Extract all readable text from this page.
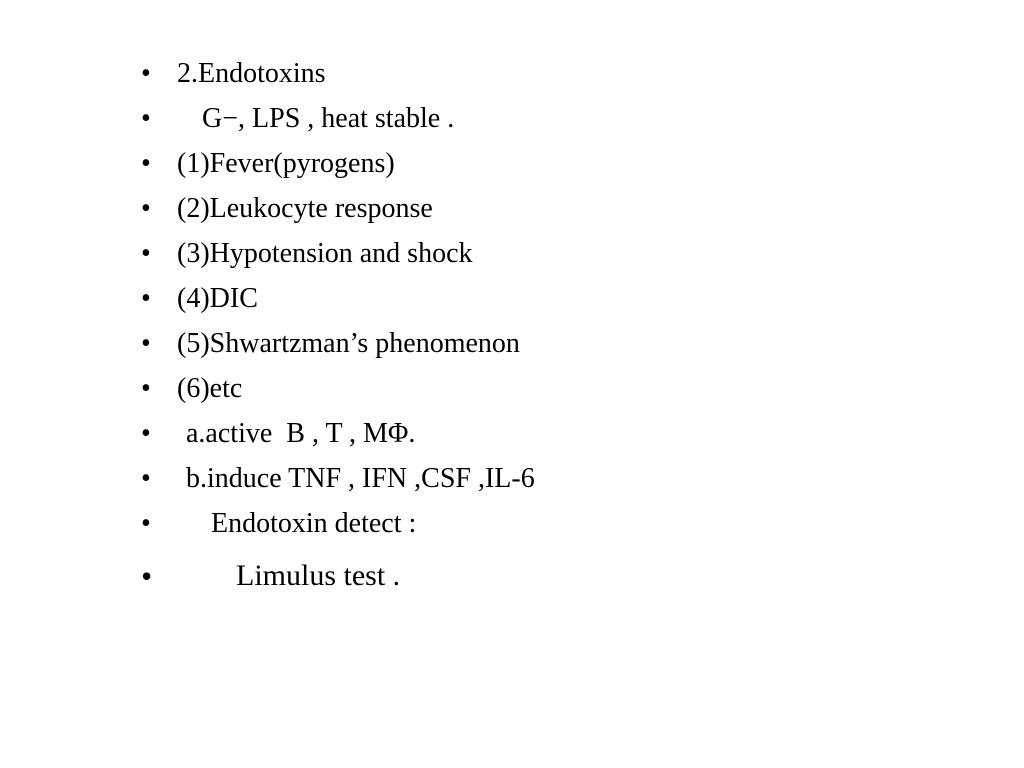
•

2.Endotoxins

•

G−, LPS , heat stable .

•

(1)Fever(pyrogens)

•

(2)Leukocyte response

•

(3)Hypotension and shock

•

(4)DIC

•

(5)Shwartzman’s phenomenon

•

(6)etc

•

a.active  B , T , MΦ.

•

b.induce TNF , IFN ,CSF ,IL-6

•

Endotoxin detect :

•

	Limulus test .
